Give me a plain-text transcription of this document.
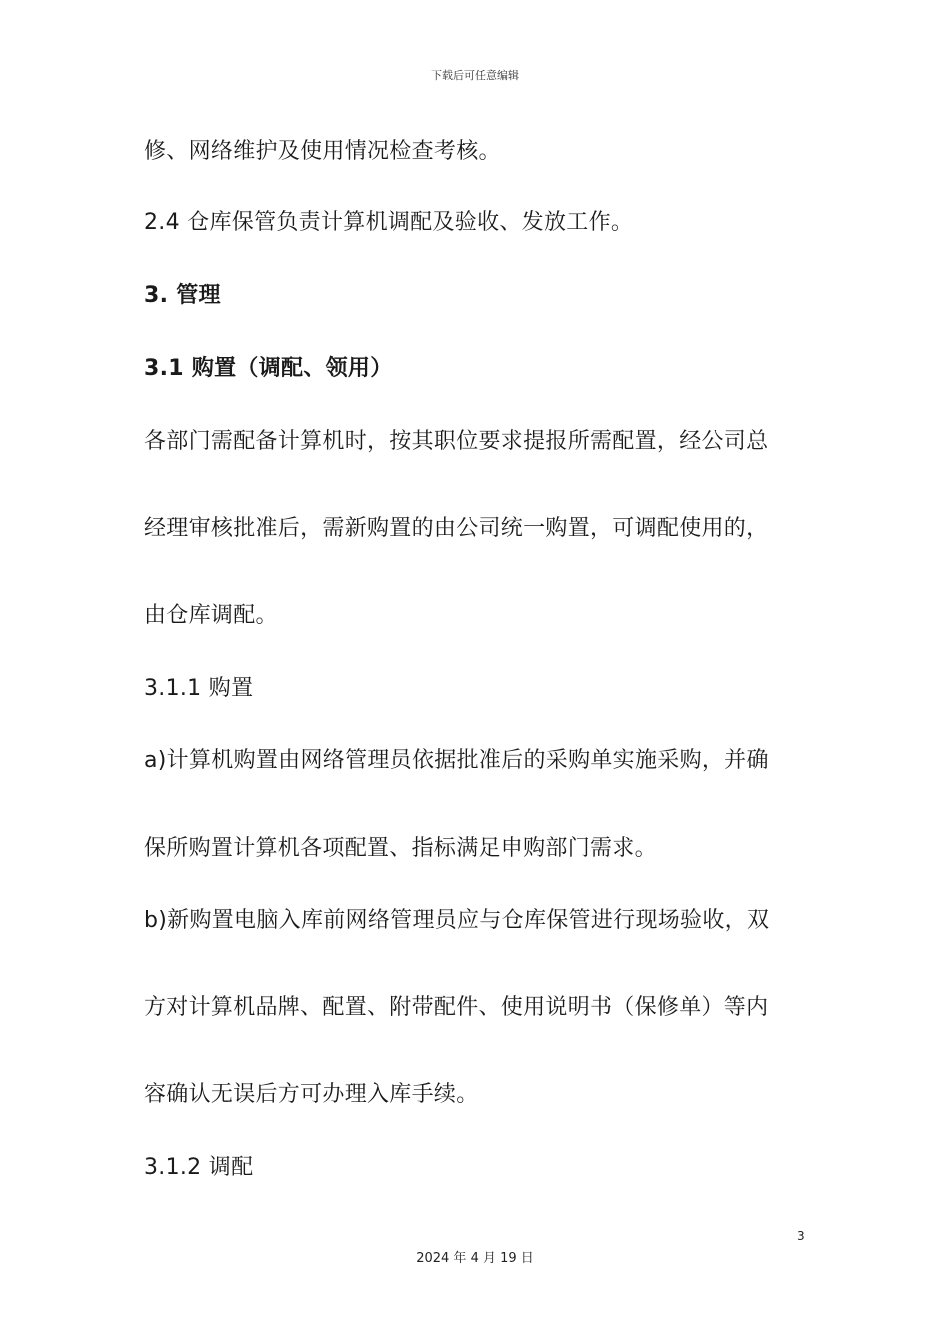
下载后可任意编辑
修、网络维护及使用情况检查考核。
2.4 仓库保管负责计算机调配及验收、发放工作。
3. 管理
3.1 购置（调配、领用）
各部门需配备计算机时，按其职位要求提报所需配置，经公司总
经理审核批准后，需新购置的由公司统一购置，可调配使用的，
由仓库调配。
3.1.1 购置
a)计算机购置由网络管理员依据批准后的采购单实施采购，并确
保所购置计算机各项配置、指标满足申购部门需求。
b)新购置电脑入库前网络管理员应与仓库保管进行现场验收，双
方对计算机品牌、配置、附带配件、使用说明书（保修单）等内
容确认无误后方可办理入库手续。
3.1.2 调配
3
2024 年 4 月 19 日
